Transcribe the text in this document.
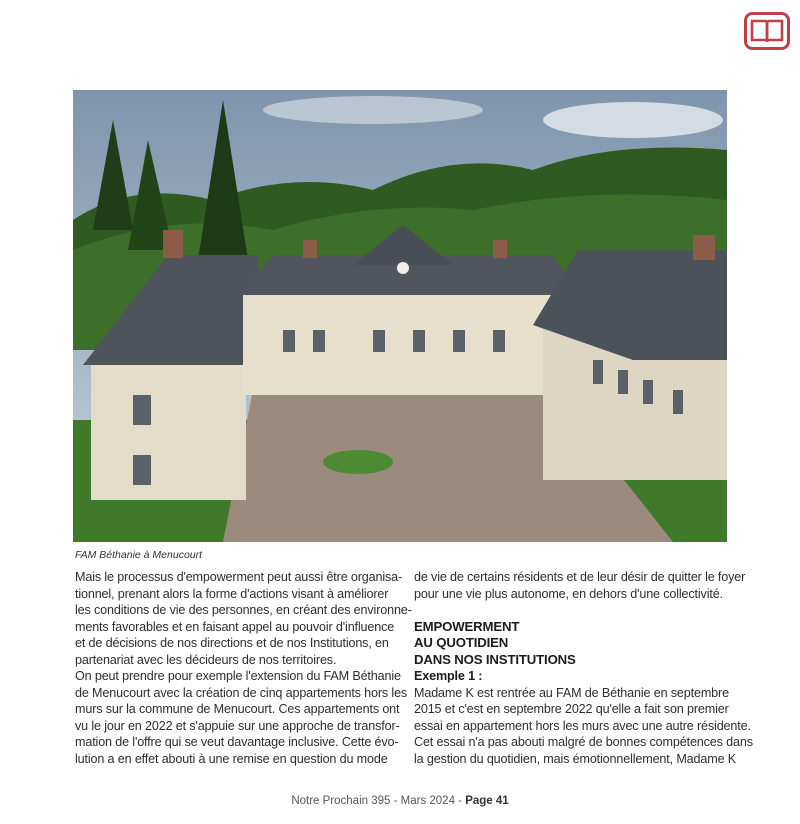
FAM Béthanie à Menucourt
Mais le processus d'empowerment peut aussi être organisa-
tionnel, prenant alors la forme d'actions visant à améliorer
les conditions de vie des personnes, en créant des environne-
ments favorables et en faisant appel au pouvoir d'influence
et de décisions de nos directions et de nos Institutions, en
partenariat avec les décideurs de nos territoires.
On peut prendre pour exemple l'extension du FAM Béthanie
de Menucourt avec la création de cinq appartements hors les
murs sur la commune de Menucourt. Ces appartements ont
vu le jour en 2022 et s'appuie sur une approche de transfor-
mation de l'offre qui se veut davantage inclusive. Cette évo-
lution a en effet abouti à une remise en question du mode
de vie de certains résidents et de leur désir de quitter le foyer
pour une vie plus autonome, en dehors d'une collectivité.
EMPOWERMENT
AU QUOTIDIEN
DANS NOS INSTITUTIONS
Exemple 1 :
Madame K est rentrée au FAM de Béthanie en septembre
2015 et c'est en septembre 2022 qu'elle a fait son premier
essai en appartement hors les murs avec une autre résidente.
Cet essai n'a pas abouti malgré de bonnes compétences dans
la gestion du quotidien, mais émotionnellement, Madame K
Notre Prochain 395 - Mars 2024 - Page 41
